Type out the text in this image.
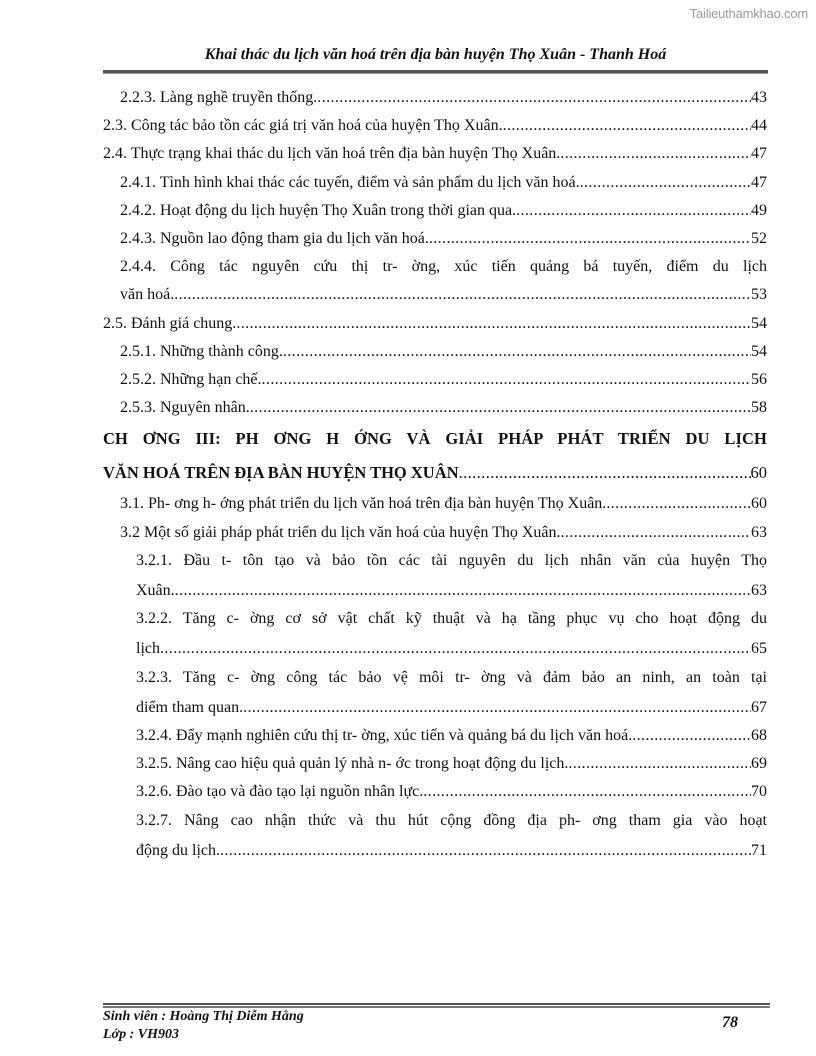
Tailieuthamkhao.com
Khai thác du lịch văn hoá trên địa bàn huyện Thọ Xuân - Thanh Hoá
2.2.3. Làng nghề truyền thống. .....	43
2.3. Công tác bảo tồn các giá trị văn hoá của huyện Thọ Xuân. .....	44
2.4. Thực trạng khai thác du lịch văn hoá trên địa bàn huyện Thọ Xuân. .....	47
2.4.1. Tình hình khai thác các tuyến, điểm và sản phẩm du lịch văn hoá. .....	47
2.4.2. Hoạt động du lịch huyện Thọ Xuân trong thời gian qua. .....	49
2.4.3. Nguồn lao động tham gia du lịch văn hoá. .....	52
2.4.4. Công tác nguyên cứu thị tr- ờng, xúc tiến quảng bá tuyến, điểm du lịch
văn hoá. .....	53
2.5. Đánh giá chung. .....	54
2.5.1. Những thành công. .....	54
2.5.2. Những hạn chế. .....	56
2.5.3. Nguyên nhân. .....	58
CH ƠNG III: PH ƠNG H ỚNG VÀ GIẢI PHÁP PHÁT TRIỂN DU LỊCH
VĂN HOÁ TRÊN ĐỊA BÀN HUYỆN THỌ XUÂN .....	60
3.1. Ph- ơng h- ớng phát triển du lịch văn hoá trên địa bàn huyện Thọ Xuân. .....	60
3.2 Một số giải pháp phát triển du lịch văn hoá của huyện Thọ Xuân. .....	63
3.2.1. Đầu t- tôn tạo và bảo tồn các tài nguyên du lịch nhân văn của huyện Thọ
Xuân. .....	63
3.2.2. Tăng c- ờng cơ sở vật chất kỹ thuật và hạ tầng phục vụ cho hoạt động du
lịch .....	65
3.2.3. Tăng c- ờng công tác bảo vệ môi tr- ờng và đảm bảo an ninh, an toàn tại
diểm tham quan. .....	67
3.2.4. Đẩy mạnh nghiên cứu thị tr- ờng, xúc tiến và quảng bá du lịch văn hoá. .....	68
3.2.5. Nâng cao hiệu quả quản lý nhà n- ớc trong hoạt động du lịch. .....	69
3.2.6. Đào tạo và đào tạo lại nguồn nhân lực. .....	70
3.2.7. Nâng cao nhận thức và thu hút cộng đồng địa ph- ơng tham gia vào hoạt
động du lịch. .....	71
Sinh viên : Hoàng Thị Diễm Hằng
Lớp : VH903
78
